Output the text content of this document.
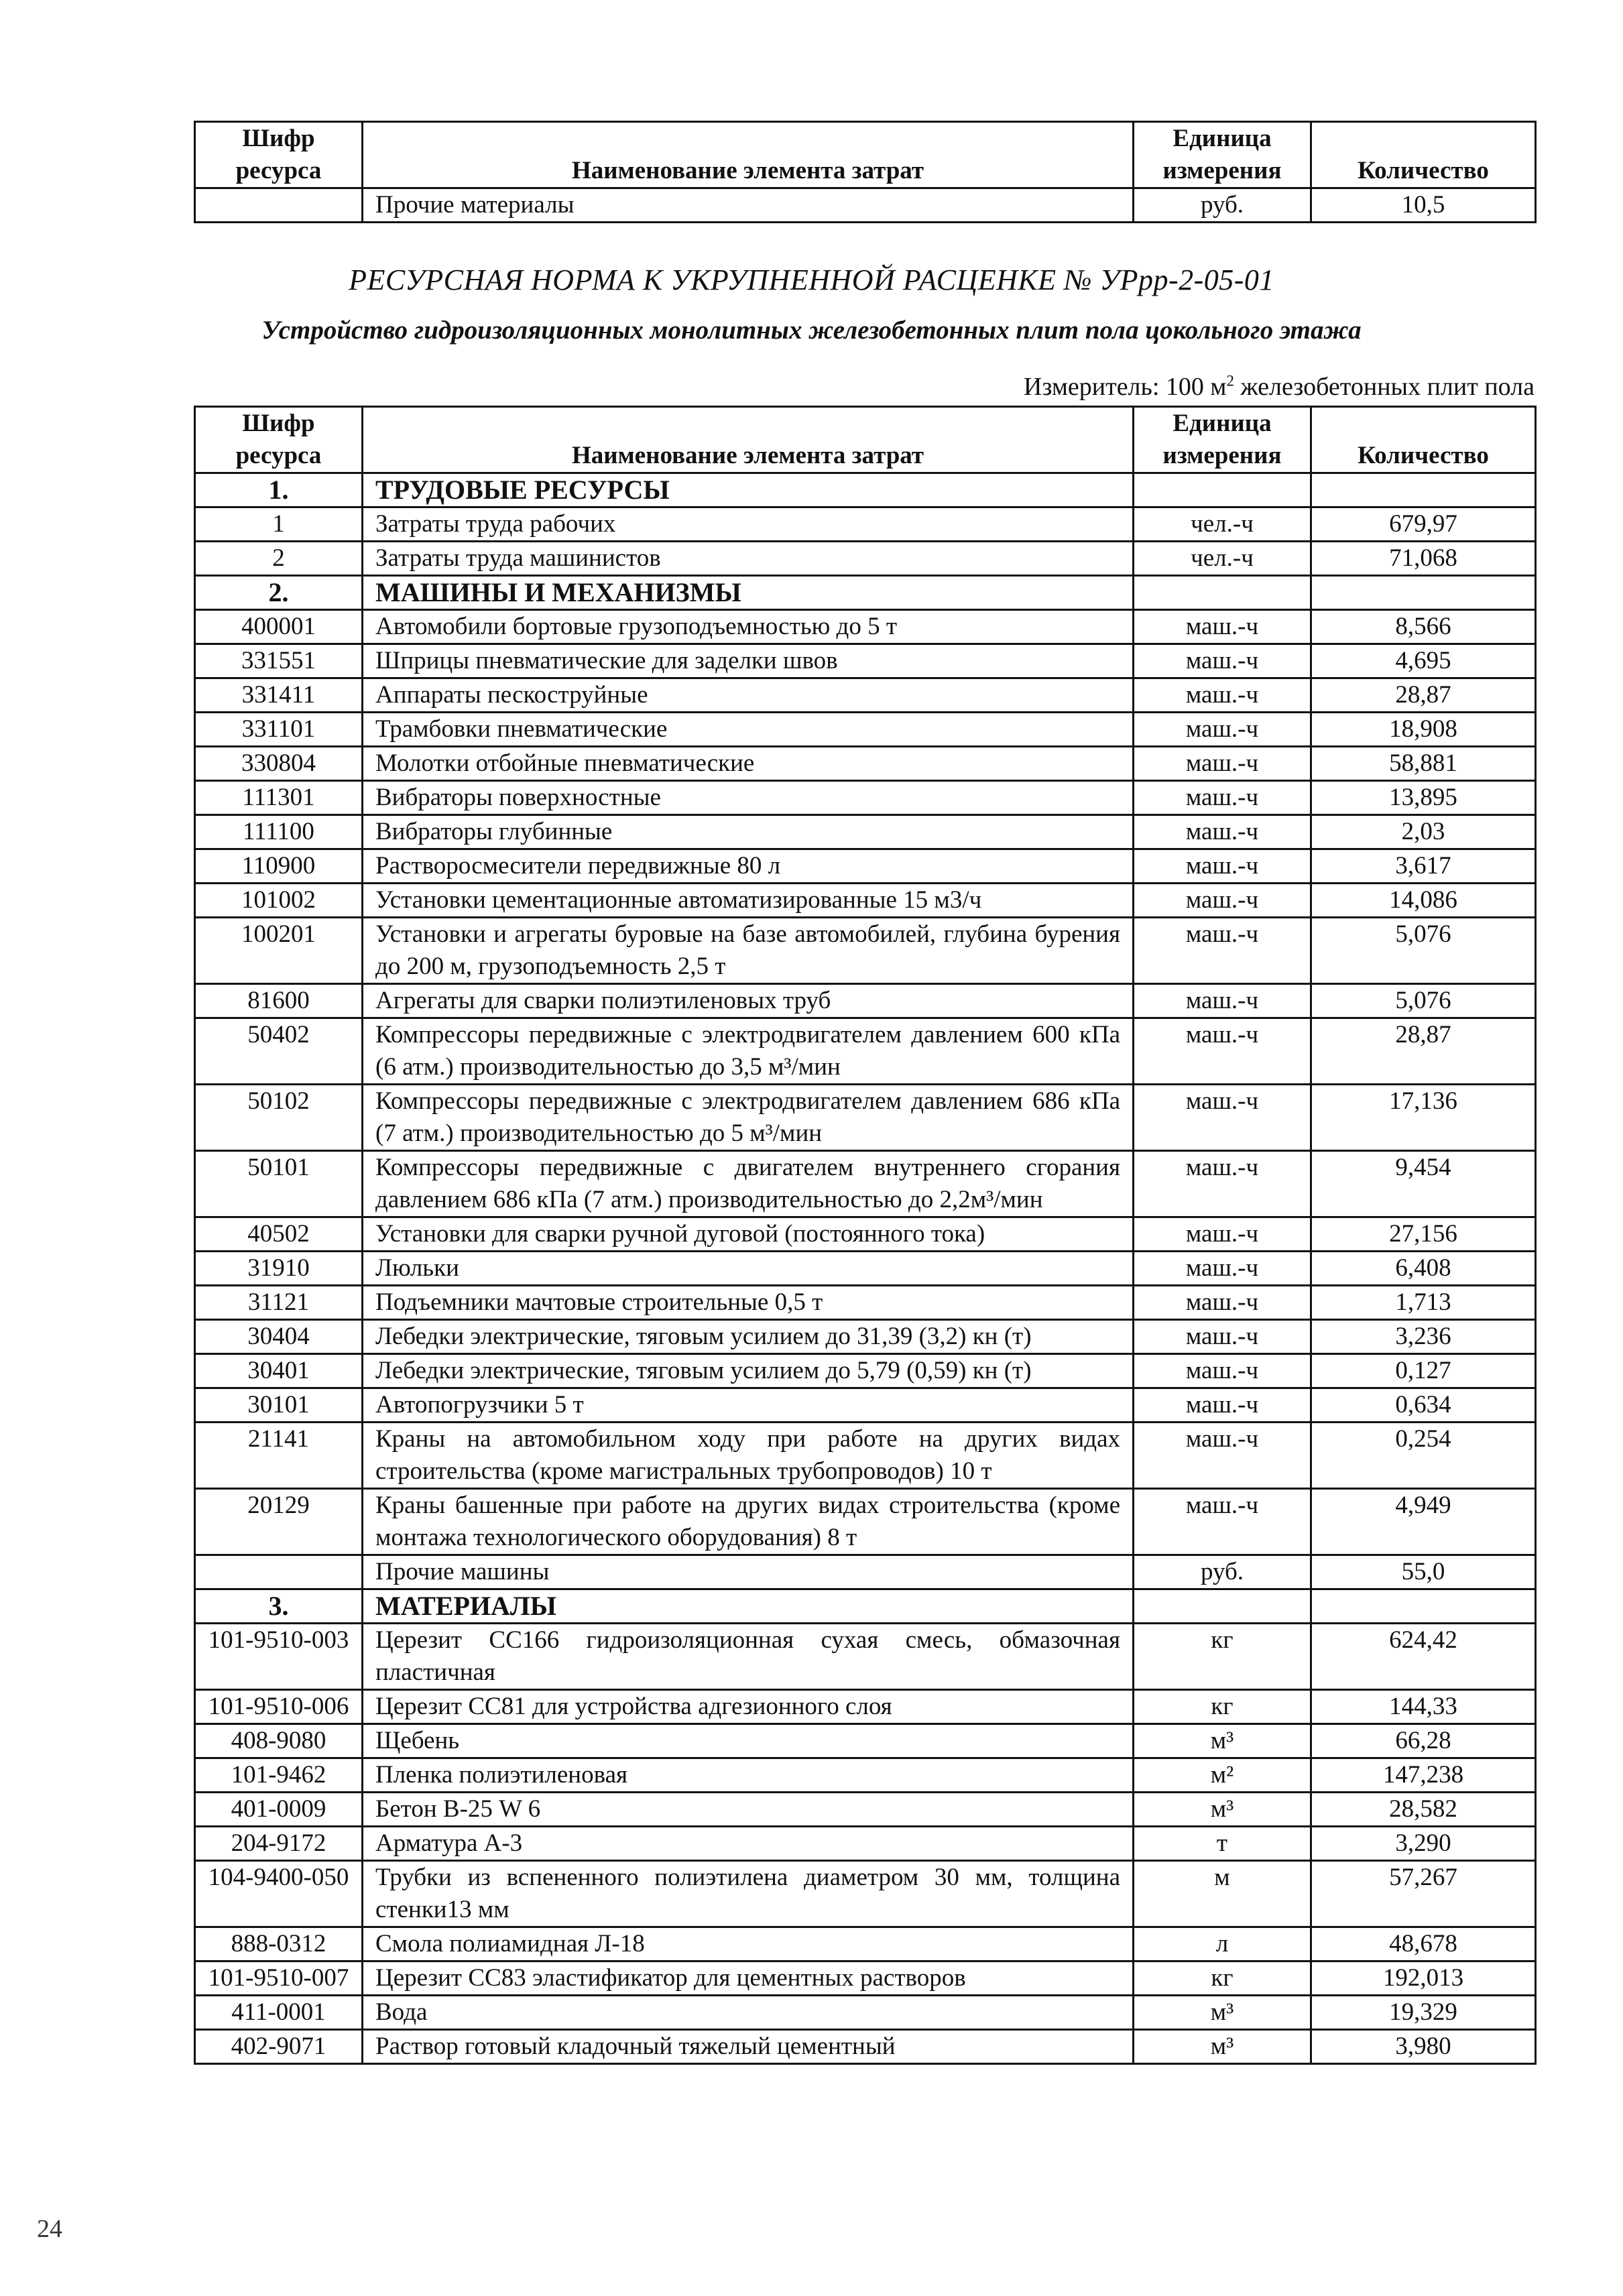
Шифр ресурса	Наименование элемента затрат	Единица измерения	Количество
	Прочие материалы	руб.	10,5
РЕСУРСНАЯ НОРМА К УКРУПНЕННОЙ РАСЦЕНКЕ № УРрр-2-05-01
Устройство гидроизоляционных монолитных железобетонных плит пола цокольного этажа
Измеритель: 100 $м^2$ железобетонных плит пола
Шифр ресурса	Наименование элемента затрат	Единица измерения	Количество
1.	ТРУДОВЫЕ РЕСУРСЫ		
1	Затраты труда рабочих	чел.-ч	679,97
2	Затраты труда машинистов	чел.-ч	71,068
2.	МАШИНЫ И МЕХАНИЗМЫ		
400001	Автомобили бортовые грузоподъемностью до 5 т	маш.-ч	8,566
331551	Шприцы пневматические для заделки швов	маш.-ч	4,695
331411	Аппараты пескоструйные	маш.-ч	28,87
331101	Трамбовки пневматические	маш.-ч	18,908
330804	Молотки отбойные пневматические	маш.-ч	58,881
111301	Вибраторы поверхностные	маш.-ч	13,895
111100	Вибраторы глубинные	маш.-ч	2,03
110900	Растворосмесители передвижные 80 л	маш.-ч	3,617
101002	Установки цементационные автоматизированные 15 м3/ч	маш.-ч	14,086
100201	Установки и агрегаты буровые на базе автомобилей, глубина бурения до 200 м, грузоподъемность 2,5 т	маш.-ч	5,076
81600	Агрегаты для сварки полиэтиленовых труб	маш.-ч	5,076
50402	Компрессоры передвижные с электродвигателем давлением 600 кПа (6 атм.) производительностью до 3,5 м³/мин	маш.-ч	28,87
50102	Компрессоры передвижные с электродвигателем давлением 686 кПа (7 атм.) производительностью до 5 м³/мин	маш.-ч	17,136
50101	Компрессоры передвижные с двигателем внутреннего сгорания давлением 686 кПа (7 атм.) производительностью до 2,2м³/мин	маш.-ч	9,454
40502	Установки для сварки ручной дуговой (постоянного тока)	маш.-ч	27,156
31910	Люльки	маш.-ч	6,408
31121	Подъемники мачтовые строительные 0,5 т	маш.-ч	1,713
30404	Лебедки электрические, тяговым усилием до 31,39 (3,2) кн (т)	маш.-ч	3,236
30401	Лебедки электрические, тяговым усилием до 5,79 (0,59) кн (т)	маш.-ч	0,127
30101	Автопогрузчики 5 т	маш.-ч	0,634
21141	Краны на автомобильном ходу при работе на других видах строительства (кроме магистральных трубопроводов) 10 т	маш.-ч	0,254
20129	Краны башенные при работе на других видах строительства (кроме монтажа технологического оборудования) 8 т	маш.-ч	4,949
	Прочие машины	руб.	55,0
3.	МАТЕРИАЛЫ		
101-9510-003	Церезит СС166 гидроизоляционная сухая смесь, обмазочная пластичная	кг	624,42
101-9510-006	Церезит СС81 для устройства адгезионного слоя	кг	144,33
408-9080	Щебень	м³	66,28
101-9462	Пленка полиэтиленовая	м²	147,238
401-0009	Бетон В-25 W 6	м³	28,582
204-9172	Арматура А-3	т	3,290
104-9400-050	Трубки из вспененного полиэтилена диаметром 30 мм, толщина стенки13 мм	м	57,267
888-0312	Смола полиамидная Л-18	л	48,678
101-9510-007	Церезит СС83 эластификатор для цементных растворов	кг	192,013
411-0001	Вода	м³	19,329
402-9071	Раствор готовый кладочный тяжелый цементный	м³	3,980
24
